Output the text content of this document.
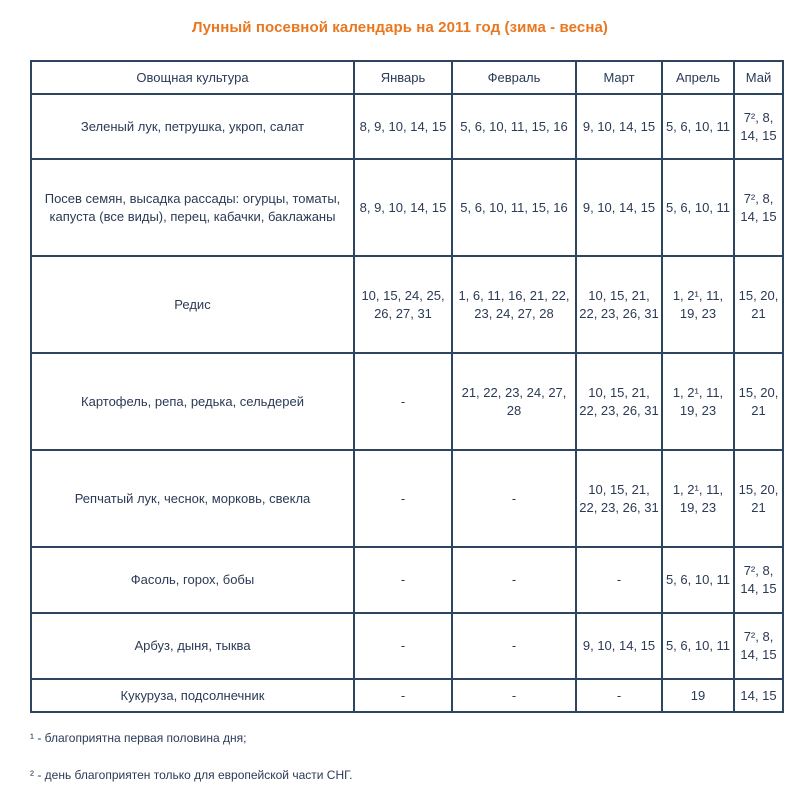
Лунный посевной календарь на 2011 год (зима - весна)
Овощная культура	Январь	Февраль	Март	Апрель	Май
Зеленый лук, петрушка, укроп, салат	8, 9, 10, 14, 15	5, 6, 10, 11, 15, 16	9, 10, 14, 15	5, 6, 10, 11	7², 8, 14, 15
Посев семян, высадка рассады: огурцы, томаты, капуста (все виды), перец, кабачки, баклажаны	8, 9, 10, 14, 15	5, 6, 10, 11, 15, 16	9, 10, 14, 15	5, 6, 10, 11	7², 8, 14, 15
Редис	10, 15, 24, 25, 26, 27, 31	1, 6, 11, 16, 21, 22, 23, 24, 27, 28	10, 15, 21, 22, 23, 26, 31	1, 2¹, 11, 19, 23	15, 20, 21
Картофель, репа, редька, сельдерей	-	21, 22, 23, 24, 27, 28	10, 15, 21, 22, 23, 26, 31	1, 2¹, 11, 19, 23	15, 20, 21
Репчатый лук, чеснок, морковь, свекла	-	-	10, 15, 21, 22, 23, 26, 31	1, 2¹, 11, 19, 23	15, 20, 21
Фасоль, горох, бобы	-	-	-	5, 6, 10, 11	7², 8, 14, 15
Арбуз, дыня, тыква	-	-	9, 10, 14, 15	5, 6, 10, 11	7², 8, 14, 15
Кукуруза, подсолнечник	-	-	-	19	14, 15
¹ - благоприятна первая половина дня;
² - день благоприятен только для европейской части СНГ.
